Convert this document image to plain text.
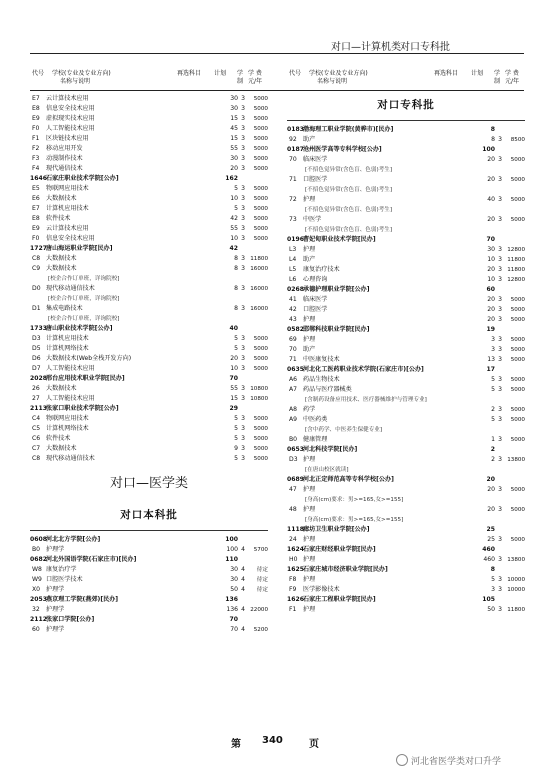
对口—计算机类 对口专科批
代号 学校(专业及专业方向)
名称与说明
再选科目 计划 学
制
学 费
元/年
E7 云计算技术应用	30 3 5000
E8 信息安全技术应用	30 3 5000
E9 虚拟现实技术应用	15 3 5000
F0 人工智能技术应用	45 3 5000
F1 区块链技术应用	15 3 5000
F2 移动应用开发	55 3 5000
F3 动漫制作技术	30 3 5000
F4 现代通信技术	20 3 5000
1646 石家庄职业技术学院[公办]	162
E5 物联网应用技术	5 3 5000
E6 大数据技术	10 3 5000
E7 计算机应用技术	5 3 5000
E8 软件技术	42 3 5000
E9 云计算技术应用	55 3 5000
F0 信息安全技术应用	10 3 5000
1727 唐山海运职业学院[民办]	42
C8 大数据技术	8 3 11800
C9 大数据技术	8 3 16000
[校企合作订单班，详询院校]
D0 现代移动通信技术	8 3 16000
[校企合作订单班，详询院校]
D1 集成电路技术	8 3 16000
[校企合作订单班，详询院校]
1733 唐山职业技术学院[公办]	40
D3 计算机应用技术	5 3 5000
D5 计算机网络技术	5 3 5000
D6 大数据技术(Web全栈开发方向)	20 3 5000
D7 人工智能技术应用	10 3 5000
2028 邢台应用技术职业学院[民办]	70
26 大数据技术	55 3 10800
27 人工智能技术应用	15 3 10800
2113 张家口职业技术学院[公办]	29
C4 物联网应用技术	5 3 5000
C5 计算机网络技术	5 3 5000
C6 软件技术	5 3 5000
C7 大数据技术	9 3 5000
C8 现代移动通信技术	5 3 5000
对口—医学类
对口本科批
0608 河北北方学院[公办]	100
B0 护理学	100 4 5700
0682 河北外国语学院(石家庄市)[民办]	110
W8 康复治疗学	30 4 待定
W9 口腔医学技术	30 4 待定
X0 护理学	50 4 待定
2053 燕京理工学院(燕郊)[民办]	136
32 护理学	136 4 22000
2112 张家口学院[公办]	70
60 护理学	70 4 5200
代号 学校(专业及专业方向)
名称与说明
再选科目 计划 学
制
学 费
元/年
对口专科批
0183 渤海理工职业学院(黄骅市)[民办]	8
92 助产	8 3 8500
0187 沧州医学高等专科学校[公办]	100
70 临床医学	20 3 5000
[不招色觉异常(含色盲、色弱)考生]
71 口腔医学	20 3 5000
[不招色觉异常(含色盲、色弱)考生]
72 护理	40 3 5000
[不招色觉异常(含色盲、色弱)考生]
73 中医学	20 3 5000
[不招色觉异常(含色盲、色弱)考生]
0196 曹妃甸职业技术学院[民办]	70
L3 护理	30 3 12800
L4 助产	10 3 11800
L5 康复治疗技术	20 3 11800
L6 心理咨询	10 3 12800
0268 承德护理职业学院[公办]	60
41 临床医学	20 3 5000
42 口腔医学	20 3 5000
43 护理	20 3 5000
0582 邯郸科技职业学院[民办]	19
69 护理	3 3 5000
70 助产	3 3 5000
71 中医康复技术	13 3 5000
0635 河北化工医药职业技术学院(石家庄市)[公办]	17
A6 药品生物技术	5 3 5000
A7 药品与医疗器械类	5 3 5000
[含制药设备应用技术、医疗器械维护与管理专业]
A8 药学	2 3 5000
A9 中医药类	5 3 5000
[含中药学、中医养生保健专业]
B0 健康管理	1 3 5000
0653 河北科技学院[民办]	2
D3 护理	2 3 13800
[在唐山校区就读]
0689 河北正定师范高等专科学校[公办]	20
47 护理	20 3 5000
[身高(cm)要求：男>=165,女>=155]
48 护理	20 3 5000
[身高(cm)要求：男>=165,女>=155]
1118 廊坊卫生职业学院[公办]	25
24 护理	25 3 5000
1624 石家庄财经职业学院[民办]	460
H0 护理	460 3 13800
1625 石家庄城市经济职业学院[民办]	8
F8 护理	5 3 10000
F9 医学影像技术	3 3 10000
1626 石家庄工程职业学院[民办]	105
F1 护理	50 3 11800
第 340	页
河北省医学类对口升学
